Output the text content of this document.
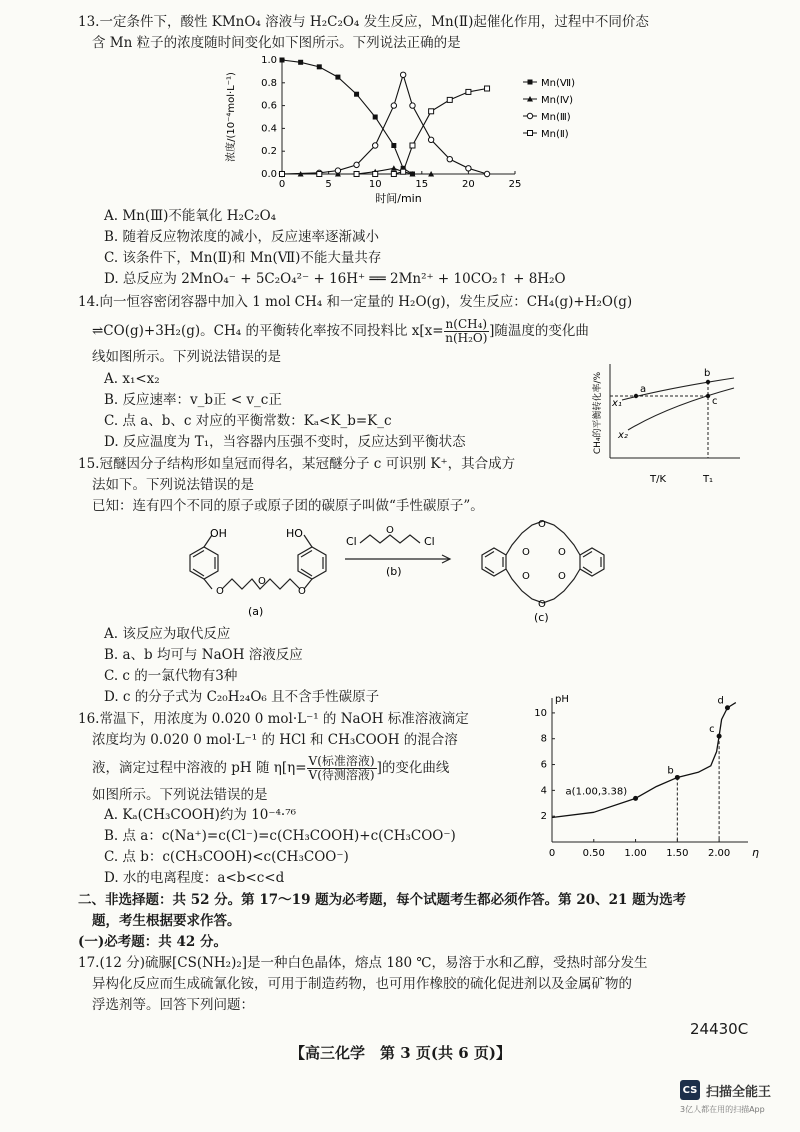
13.一定条件下，酸性 KMnO₄ 溶液与 H₂C₂O₄ 发生反应，Mn(Ⅱ)起催化作用，过程中不同价态
含 Mn 粒子的浓度随时间变化如下图所示。下列说法正确的是
0	5	10	15	20	25
0.0
0.2
0.4
0.6
0.8
1.0
时间/min
浓度/(10⁻⁴mol·L⁻¹)	Mn(Ⅶ)
Mn(Ⅳ)
Mn(Ⅲ)
Mn(Ⅱ)
A. Mn(Ⅲ)不能氧化 H₂C₂O₄
B. 随着反应物浓度的减小，反应速率逐渐减小
C. 该条件下，Mn(Ⅱ)和 Mn(Ⅶ)不能大量共存
D. 总反应为 2MnO₄⁻ + 5C₂O₄²⁻ + 16H⁺ ══ 2Mn²⁺ + 10CO₂↑ + 8H₂O
14.向一恒容密闭容器中加入 1 mol CH₄ 和一定量的 H₂O(g)，发生反应：CH₄(g)+H₂O(g)
⇌CO(g)+3H₂(g)。CH₄ 的平衡转化率按不同投料比 $x[x= \frac{\text{n(CH₄)}}{\text{n(H₂O)}}$ ]随温度的变化曲
线如图所示。下列说法错误的是
A. x₁<x₂
B. 反应速率：v_b正 < v_c正
C. 点 a、b、c 对应的平衡常数：Kₐ<K_b=K_c
D. 反应温度为 T₁，当容器内压强不变时，反应达到平衡状态	CH₄的平衡转化率/%
T/K	T₁
a
b
c
x₁
x₂
15.冠醚因分子结构形如皇冠而得名，某冠醚分子 c 可识别 K⁺，其合成方
法如下。下列说法错误的是
已知：连有四个不同的原子或原子团的碳原子叫做“手性碳原子”。
OH	HO
O
O
O
(a)
Cl	Cl
O
(b)
O	O
O	O
O
O
(c)
A. 该反应为取代反应
B. a、b 均可与 NaOH 溶液反应
C. c 的一氯代物有3种
D. c 的分子式为 C₂₀H₂₄O₆ 且不含手性碳原子
16.常温下，用浓度为 0.020 0 mol·L⁻¹ 的 NaOH 标准溶液滴定
浓度均为 0.020 0 mol·L⁻¹ 的 HCl 和 CH₃COOH 的混合溶
液，滴定过程中溶液的 pH 随 $\eta[\eta= \frac{\text{V(标准溶液)}}{\text{V(待测溶液)}}$ ]的变化曲线
如图所示。下列说法错误的是
A. Kₐ(CH₃COOH)约为 10⁻⁴·⁷⁶
B. 点 a：c(Na⁺)=c(Cl⁻)=c(CH₃COOH)+c(CH₃COO⁻)
C. 点 b：c(CH₃COOH)<c(CH₃COO⁻)
D. 水的电离程度：a<b<c<d
pH
η
0	0.50 1.00 1.50 2.00
2
4
6
8
10
a(1.00,3.38)
b
c
d
二、非选择题：共 52 分。第 17～19 题为必考题，每个试题考生都必须作答。第 20、21 题为选考
题，考生根据要求作答。
(一)必考题：共 42 分。
17.(12 分)硫脲[CS(NH₂)₂]是一种白色晶体，熔点 180 ℃，易溶于水和乙醇，受热时部分发生
异构化反应而生成硫氰化铵，可用于制造药物，也可用作橡胶的硫化促进剂以及金属矿物的
浮选剂等。回答下列问题：
24430C
【高三化学　第 3 页(共 6 页)】
CS 扫描全能王
3亿人都在用的扫描App
